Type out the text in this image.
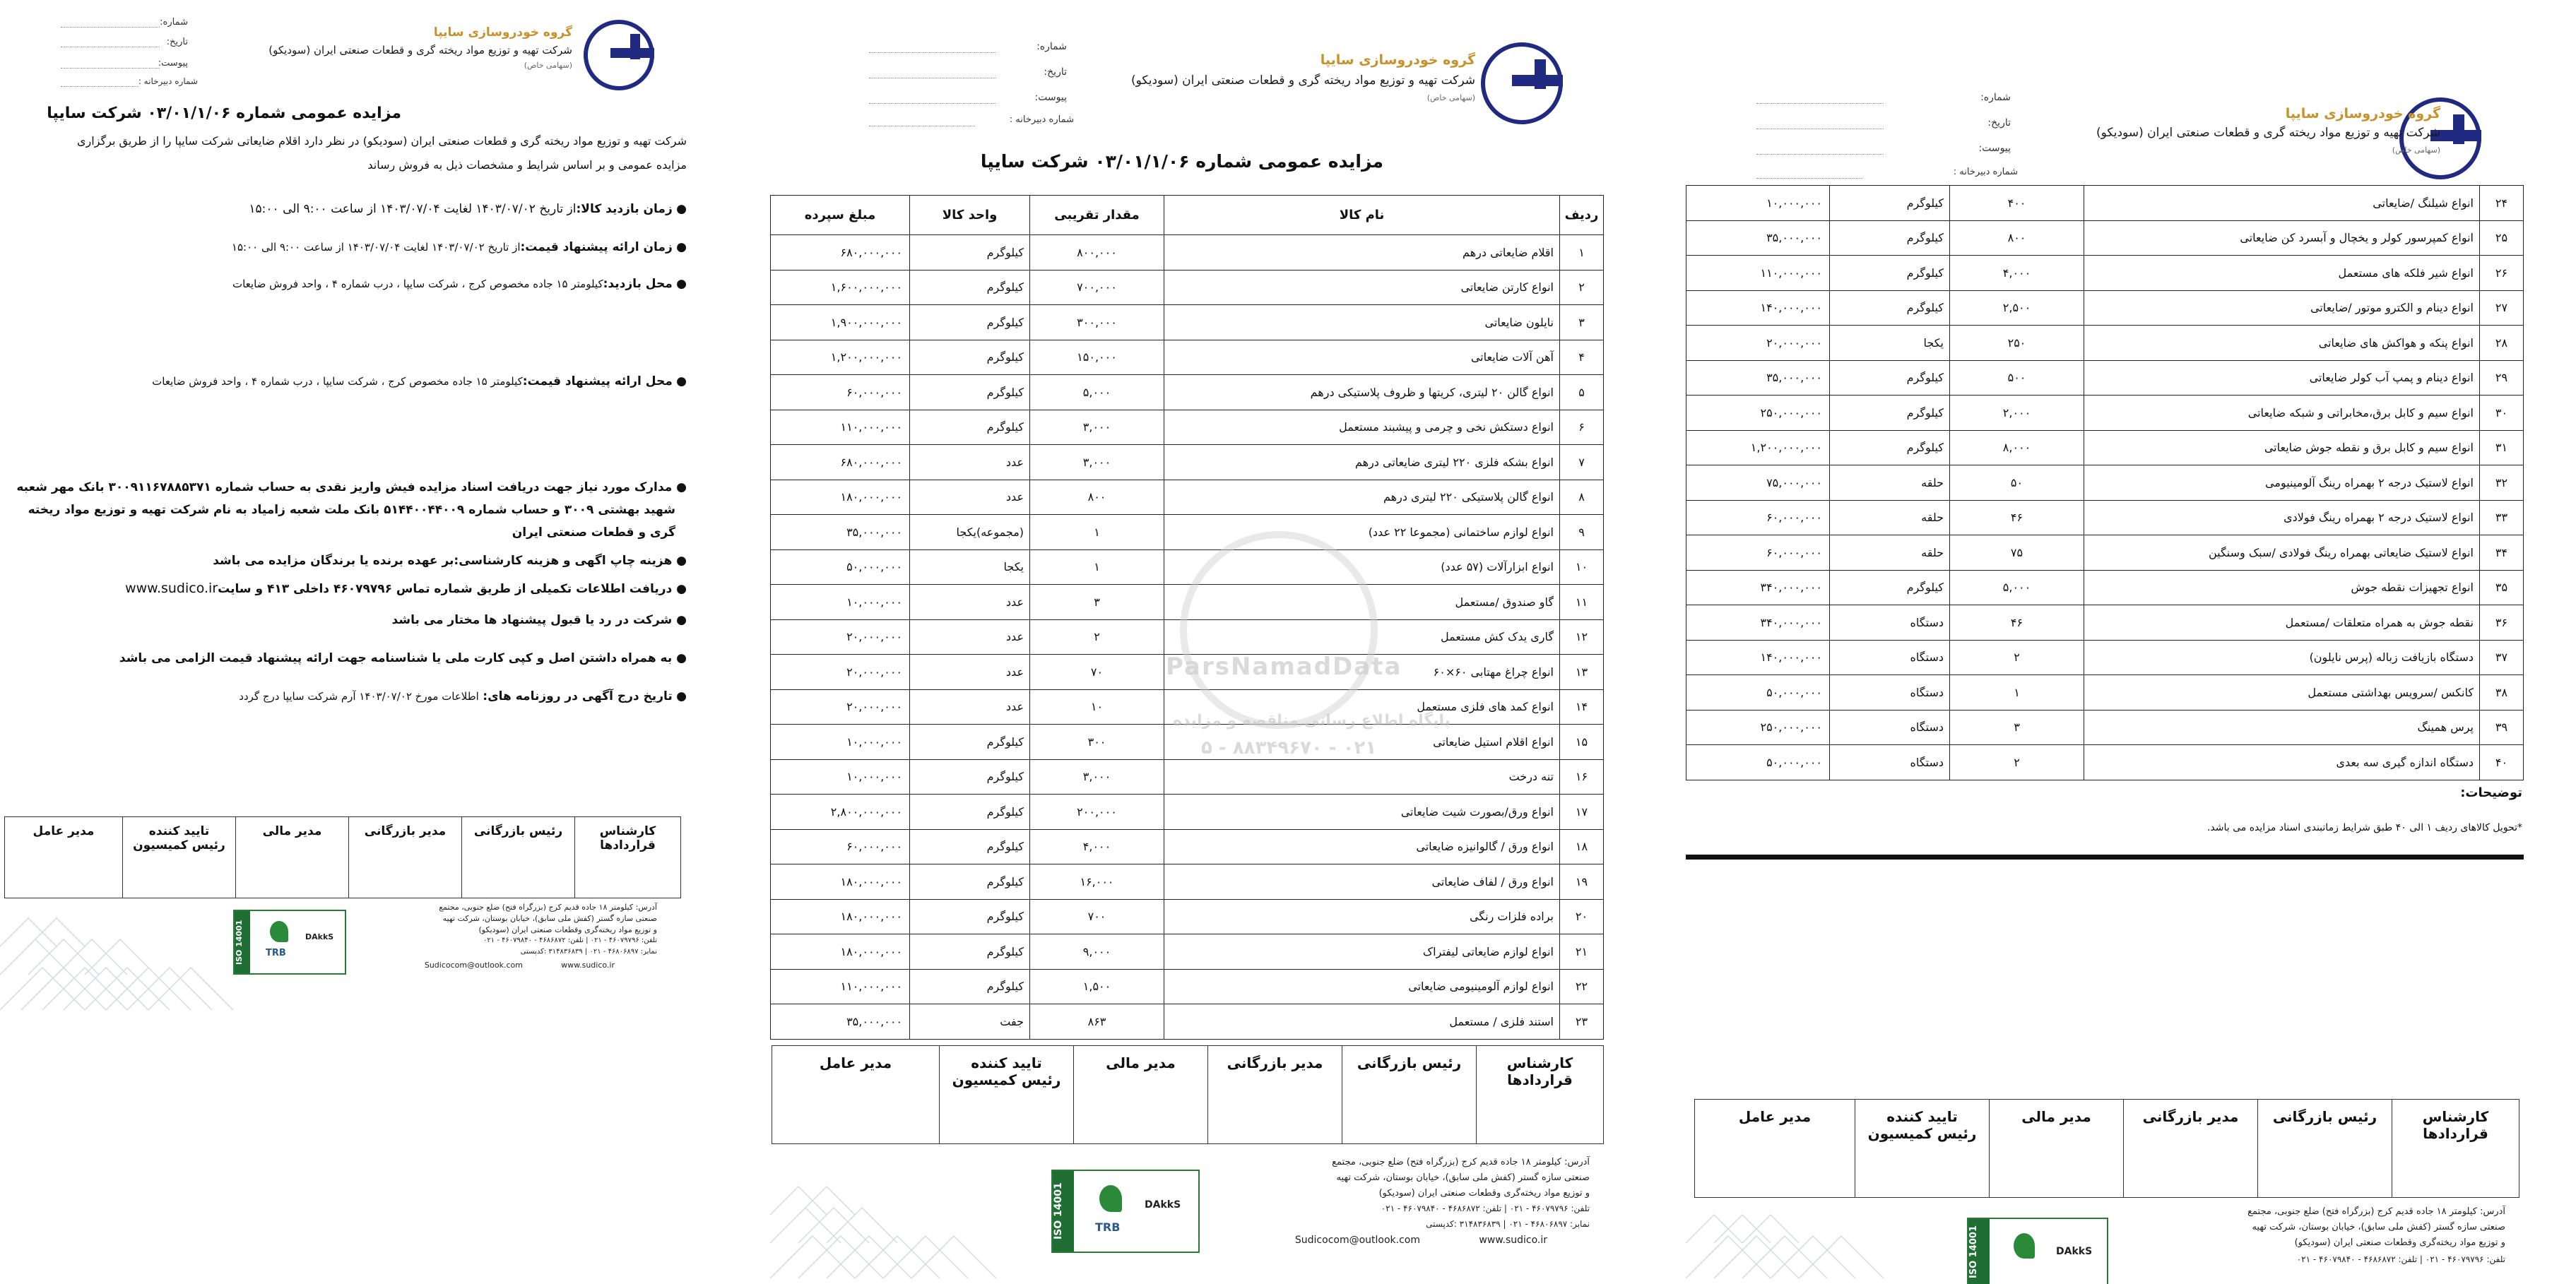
گروه خودروسازی سایپا
شرکت تهیه و توزیع مواد ریخته گری و قطعات صنعتی ایران (سودیکو)
(سهامی خاص)
شماره:
تاریخ:
پیوست:
شماره دبیرخانه :
مزایده عمومی شماره ۰۳/۰۱/۱/۰۶ شرکت سایپا
شرکت تهیه و توزیع مواد ریخته گری و قطعات صنعتی ایران (سودیکو) در نظر دارد اقلام ضایعاتی شرکت سایپا را از طریق برگزاری
مزایده عمومی و بر اساس شرایط و مشخصات ذیل به فروش رساند
● زمان بازدید کالا:از تاریخ ۱۴۰۳/۰۷/۰۲ لغایت ۱۴۰۳/۰۷/۰۴ از ساعت ۹:۰۰ الی ۱۵:۰۰
● زمان ارائه پیشنهاد قیمت:از تاریخ ۱۴۰۳/۰۷/۰۲ لغایت ۱۴۰۳/۰۷/۰۴ از ساعت ۹:۰۰ الی ۱۵:۰۰
● محل بازدید:کیلومتر ۱۵ جاده مخصوص کرج ، شرکت سایپا ، درب شماره ۴ ، واحد فروش ضایعات
● محل ارائه پیشنهاد قیمت:کیلومتر ۱۵ جاده مخصوص کرج ، شرکت سایپا ، درب شماره ۴ ، واحد فروش ضایعات
● مدارک مورد نیاز جهت دریافت اسناد مزایده فیش واریز نقدی به حساب شماره ۳۰۰۹۱۱۶۷۸۸۵۳۷۱ بانک مهر شعبه
شهید بهشتی ۳۰۰۹ و حساب شماره ۵۱۴۴۰۰۴۴۰۰۹ بانک ملت شعبه زامیاد به نام شرکت تهیه و توزیع مواد ریخته
گری و قطعات صنعتی ایران
● هزینه چاپ اگهی و هزینه کارشناسی:بر عهده برنده یا برندگان مزایده می باشد
● دریافت اطلاعات تکمیلی از طریق شماره تماس ۴۶۰۷۹۷۹۶ داخلی ۴۱۳ و سایتwww.sudico.ir
● شرکت در رد یا قبول پیشنهاد ها مختار می باشد
● به همراه داشتن اصل و کپی کارت ملی یا شناسنامه جهت ارائه پیشنهاد قیمت الزامی می باشد
● تاریخ درج آگهی در روزنامه های: اطلاعات مورخ ۱۴۰۳/۰۷/۰۲ آرم شرکت سایپا درج گردد
کارشناس قراردادها	رئیس بازرگانی	مدیر بازرگانی	مدیر مالی	
تایید کننده
رئیس کمیسیون
	مدیر عامل
آدرس: کیلومتر ۱۸ جاده قدیم کرج (بزرگراه فتح) ضلع جنوبی، مجتمع
صنعتی سازه گستر (کفش ملی سابق)، خیابان بوستان، شرکت تهیه
و توزیع مواد ریخته‌گری وقطعات صنعتی ایران (سودیکو)
تلفن: ۴۶۰۷۹۷۹۶ - ۰۲۱ | تلفن: ۴۶۸۶۸۷۲ - ۴۶۰۷۹۸۴۰ - ۰۲۱
نمابر: ۴۶۸۰۶۸۹۷ - ۰۲۱ | ۳۱۴۸۳۶۸۳۹ :کدپستی
Sudicocom@outlook.com	www.sudico.ir
ISO 14001	TRB
DAkkS
گروه خودروسازی سایپا
شرکت تهیه و توزیع مواد ریخته گری و قطعات صنعتی ایران (سودیکو)
(سهامی خاص)
شماره:
تاریخ:
پیوست:
شماره دبیرخانه :
مزایده عمومی شماره ۰۳/۰۱/۱/۰۶ شرکت سایپا
ردیف	نام کالا	مقدار تقریبی	واحد کالا	مبلغ سپرده
۱	اقلام ضایعاتی درهم	۸۰۰,۰۰۰	کیلوگرم	۶۸۰,۰۰۰,۰۰۰
۲	انواع کارتن ضایعاتی	۷۰۰,۰۰۰	کیلوگرم	۱,۶۰۰,۰۰۰,۰۰۰
۳	نایلون ضایعاتی	۳۰۰,۰۰۰	کیلوگرم	۱,۹۰۰,۰۰۰,۰۰۰
۴	آهن آلات ضایعاتی	۱۵۰,۰۰۰	کیلوگرم	۱,۲۰۰,۰۰۰,۰۰۰
۵	انواع گالن ۲۰ لیتری، کریتها و ظروف پلاستیکی درهم	۵,۰۰۰	کیلوگرم	۶۰,۰۰۰,۰۰۰
۶	انواع دستکش نخی و چرمی و پیشبند مستعمل	۳,۰۰۰	کیلوگرم	۱۱۰,۰۰۰,۰۰۰
۷	انواع بشکه فلزی ۲۲۰ لیتری ضایعاتی درهم	۳,۰۰۰	عدد	۶۸۰,۰۰۰,۰۰۰
۸	انواع گالن پلاستیکی ۲۲۰ لیتری درهم	۸۰۰	عدد	۱۸۰,۰۰۰,۰۰۰
۹	انواع لوازم ساختمانی (مجموعا ۲۲ عدد)	۱	(مجموعه)یکجا	۳۵,۰۰۰,۰۰۰
۱۰	انواع ابزارآلات (۵۷ عدد)	۱	یکجا	۵۰,۰۰۰,۰۰۰
۱۱	گاو صندوق /مستعمل	۳	عدد	۱۰,۰۰۰,۰۰۰
۱۲	گاری یدک کش مستعمل	۲	عدد	۲۰,۰۰۰,۰۰۰
۱۳	انواع چراغ مهتابی ۶۰×۶۰	۷۰	عدد	۲۰,۰۰۰,۰۰۰
۱۴	انواع کمد های فلزی مستعمل	۱۰	عدد	۲۰,۰۰۰,۰۰۰
۱۵	انواع اقلام استیل ضایعاتی	۳۰۰	کیلوگرم	۱۰,۰۰۰,۰۰۰
۱۶	تنه درخت	۳,۰۰۰	کیلوگرم	۱۰,۰۰۰,۰۰۰
۱۷	انواع ورق/بصورت شیت ضایعاتی	۲۰۰,۰۰۰	کیلوگرم	۲,۸۰۰,۰۰۰,۰۰۰
۱۸	انواع ورق / گالوانیزه ضایعاتی	۴,۰۰۰	کیلوگرم	۶۰,۰۰۰,۰۰۰
۱۹	انواع ورق / لفاف ضایعاتی	۱۶,۰۰۰	کیلوگرم	۱۸۰,۰۰۰,۰۰۰
۲۰	براده فلزات رنگی	۷۰۰	کیلوگرم	۱۸۰,۰۰۰,۰۰۰
۲۱	انواع لوازم ضایعاتی لیفتراک	۹,۰۰۰	کیلوگرم	۱۸۰,۰۰۰,۰۰۰
۲۲	انواع لوازم آلومینیومی ضایعاتی	۱,۵۰۰	کیلوگرم	۱۱۰,۰۰۰,۰۰۰
۲۳	استند فلزی / مستعمل	۸۶۳	جفت	۳۵,۰۰۰,۰۰۰
ParsNamadData
پایگاه اطلاع رسانی مناقصه و مزایده
۰۲۱ - ۸۸۳۴۹۶۷۰ - ۵
کارشناس قراردادها	رئیس بازرگانی	مدیر بازرگانی	مدیر مالی	
تایید کننده
رئیس کمیسیون
	مدیر عامل
آدرس: کیلومتر ۱۸ جاده قدیم کرج (بزرگراه فتح) ضلع جنوبی، مجتمع
صنعتی سازه گستر (کفش ملی سابق)، خیابان بوستان، شرکت تهیه
و توزیع مواد ریخته‌گری وقطعات صنعتی ایران (سودیکو)
تلفن: ۴۶۰۷۹۷۹۶ - ۰۲۱ | تلفن: ۴۶۸۶۸۷۲ - ۴۶۰۷۹۸۴۰ - ۰۲۱
نمابر: ۴۶۸۰۶۸۹۷ - ۰۲۱ | ۳۱۴۸۳۶۸۳۹ :کدپستی
Sudicocom@outlook.com	www.sudico.ir
ISO 14001	TRB
DAkkS
گروه خودروسازی سایپا
شرکت تهیه و توزیع مواد ریخته گری و قطعات صنعتی ایران (سودیکو)
(سهامی خاص)
شماره:
تاریخ:
پیوست:
شماره دبیرخانه :
۲۴	انواع شیلنگ /ضایعاتی	۴۰۰	کیلوگرم	۱۰,۰۰۰,۰۰۰
۲۵	انواع کمپرسور کولر و یخچال و آبسرد کن ضایعاتی	۸۰۰	کیلوگرم	۳۵,۰۰۰,۰۰۰
۲۶	انواع شیر فلکه های مستعمل	۴,۰۰۰	کیلوگرم	۱۱۰,۰۰۰,۰۰۰
۲۷	انواع دینام و الکترو موتور /ضایعاتی	۲,۵۰۰	کیلوگرم	۱۴۰,۰۰۰,۰۰۰
۲۸	انواع پنکه و هواکش های ضایعاتی	۲۵۰	یکجا	۲۰,۰۰۰,۰۰۰
۲۹	انواع دینام و پمپ آب کولر ضایعاتی	۵۰۰	کیلوگرم	۳۵,۰۰۰,۰۰۰
۳۰	انواع سیم و کابل برق،مخابراتی و شبکه ضایعاتی	۲,۰۰۰	کیلوگرم	۲۵۰,۰۰۰,۰۰۰
۳۱	انواع سیم و کابل برق و نقطه جوش ضایعاتی	۸,۰۰۰	کیلوگرم	۱,۲۰۰,۰۰۰,۰۰۰
۳۲	انواع لاستیک درجه ۲ بهمراه رینگ آلومینیومی	۵۰	حلقه	۷۵,۰۰۰,۰۰۰
۳۳	انواع لاستیک درجه ۲ بهمراه رینگ فولادی	۴۶	حلقه	۶۰,۰۰۰,۰۰۰
۳۴	انواع لاستیک ضایعاتی بهمراه رینگ فولادی /سبک وسنگین	۷۵	حلقه	۶۰,۰۰۰,۰۰۰
۳۵	انواع تجهیزات نقطه جوش	۵,۰۰۰	کیلوگرم	۳۴۰,۰۰۰,۰۰۰
۳۶	نقطه جوش به همراه متعلقات /مستعمل	۴۶	دستگاه	۳۴۰,۰۰۰,۰۰۰
۳۷	دستگاه بازیافت زباله (پرس نایلون)	۲	دستگاه	۱۴۰,۰۰۰,۰۰۰
۳۸	کانکس /سرویس بهداشتی مستعمل	۱	دستگاه	۵۰,۰۰۰,۰۰۰
۳۹	پرس همینگ	۳	دستگاه	۲۵۰,۰۰۰,۰۰۰
۴۰	دستگاه اندازه گیری سه بعدی	۲	دستگاه	۵۰,۰۰۰,۰۰۰
توضیحات:
*تحویل کالاهای ردیف ۱ الی ۴۰ طبق شرایط زمانبندی اسناد مزایده می باشد.
کارشناس قراردادها	رئیس بازرگانی	مدیر بازرگانی	مدیر مالی	
تایید کننده
رئیس کمیسیون
	مدیر عامل
آدرس: کیلومتر ۱۸ جاده قدیم کرج (بزرگراه فتح) ضلع جنوبی، مجتمع
صنعتی سازه گستر (کفش ملی سابق)، خیابان بوستان، شرکت تهیه
و توزیع مواد ریخته‌گری وقطعات صنعتی ایران (سودیکو)
تلفن: ۴۶۰۷۹۷۹۶ - ۰۲۱ | تلفن: ۴۶۸۶۸۷۲ - ۴۶۰۷۹۸۴۰ - ۰۲۱
ISO 14001	DAkkS
